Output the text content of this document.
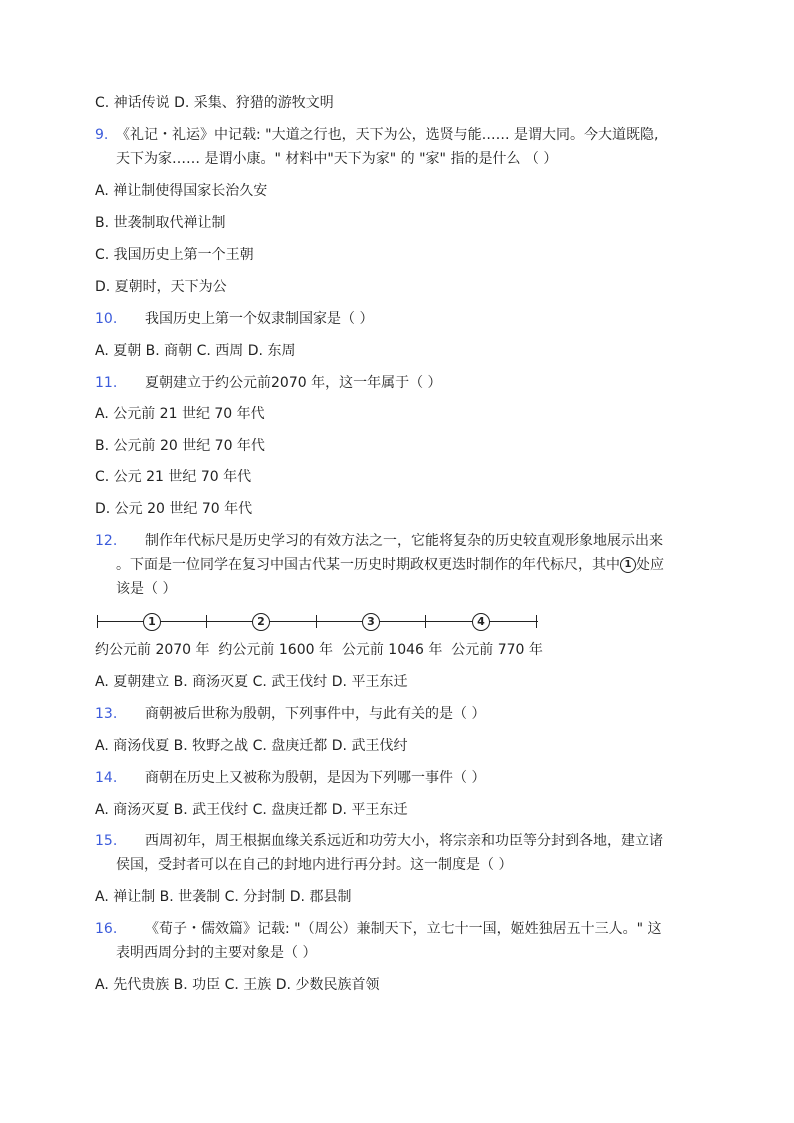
C. 神话传说 D. 采集、狩猎的游牧文明
9. 《礼记・礼运》中记载: "大道之行也，天下为公，选贤与能…… 是谓大同。今大道既隐,
天下为家…… 是谓小康。" 材料中"天下为家" 的 "家" 指的是什么 （ ）
A. 禅让制使得国家长治久安
B. 世袭制取代禅让制
C. 我国历史上第一个王朝
D. 夏朝时，天下为公
10. 我国历史上第一个奴隶制国家是（ ）
A. 夏朝 B. 商朝 C. 西周 D. 东周
11. 夏朝建立于约公元前2070 年，这一年属于（ ）
A. 公元前 21 世纪 70 年代
B. 公元前 20 世纪 70 年代
C. 公元 21 世纪 70 年代
D. 公元 20 世纪 70 年代
12. 制作年代标尺是历史学习的有效方法之一，它能将复杂的历史较直观形象地展示出来
。下面是一位同学在复习中国古代某一历史时期政权更迭时制作的年代标尺，其中 1 处应
该是（ ）
1	2	3	4
约公元前 2070 年  约公元前 1600 年  公元前 1046 年  公元前 770 年
A. 夏朝建立 B. 商汤灭夏 C. 武王伐纣 D. 平王东迁
13. 商朝被后世称为殷朝，下列事件中，与此有关的是（ ）
A. 商汤伐夏 B. 牧野之战 C. 盘庚迁都 D. 武王伐纣
14. 商朝在历史上又被称为殷朝，是因为下列哪一事件（ ）
A. 商汤灭夏 B. 武王伐纣 C. 盘庚迁都 D. 平王东迁
15. 西周初年，周王根据血缘关系远近和功劳大小，将宗亲和功臣等分封到各地，建立诸
侯国，受封者可以在自己的封地内进行再分封。这一制度是（ ）
A. 禅让制 B. 世袭制 C. 分封制 D. 郡县制
16. 《荀子・儒效篇》记载: "（周公）兼制天下，立七十一国，姬姓独居五十三人。" 这
表明西周分封的主要对象是（ ）
A. 先代贵族 B. 功臣 C. 王族 D. 少数民族首领
